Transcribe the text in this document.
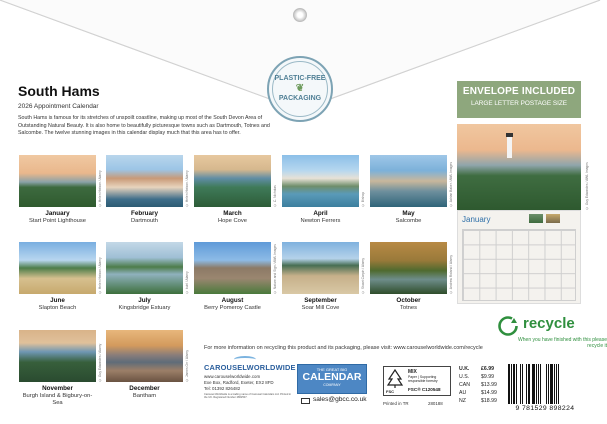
South Hams
2026 Appointment Calendar
South Hams is famous for its stretches of unspoilt coastline, making up most of the South Devon Area of Outstanding Natural Beauty. It is also home to beautifully picturesque towns such as Dartmouth, Totnes and Salcombe. The twelve stunning images in this calendar display much that this area has to offer.
PLASTIC-FREE
❦
PACKAGING
ENVELOPE INCLUDED
LARGE LETTER POSTAGE SIZE
© Helen Hotson / Alamy
January
Start Point Lighthouse
© Helen Hotson / Alamy
February
Dartmouth
© C. Nicholas
March
Hope Cove
© Bishop
April
Newton Ferrers
© Adrian Baker / AWL Images
May
Salcombe
© Helen Hotson / Alamy
June
Slapton Beach
© kuirl / Alamy
July
Kingsbridge Estuary
© Nature and Sign / AWL Images
August
Berry Pomeroy Castle
© Stuart Carpin / Alamy
September
Soar Mill Cove
© Andrew Roland / Alamy
October
Totnes
© Guy Edwardes / Alamy
November
Burgh Island & Bigbury-on-Sea
© James Orr / Alamy
December
Bantham
© Guy Edwardes / AWL Images
January
recycle
When you have finished with this please recycle it
For more information on recycling this product and its packaging, please visit: www.carouselworldwide.com/recycle
CAROUSELWORLDWIDE
www.carouselworldwide.com
Exe Box, Radford, Exeter, EX2 8FD
Tel: 01392 826482
Carousel Worldwide is a trading name of Carousel Calendars Ltd. Printed in the UK. Registered Number 2862507.
THE GREAT BIG
CALENDAR
COMPANY
sales@gbcc.co.uk
FSC
MIX
Paper | Supporting responsible forestry
FSC® C120548
Printed in TR	280188
U.K.	£6.99
U.S.	$9.99
CAN	$13.99
AU	$14.99
NZ	$18.99
9 781529 898224
